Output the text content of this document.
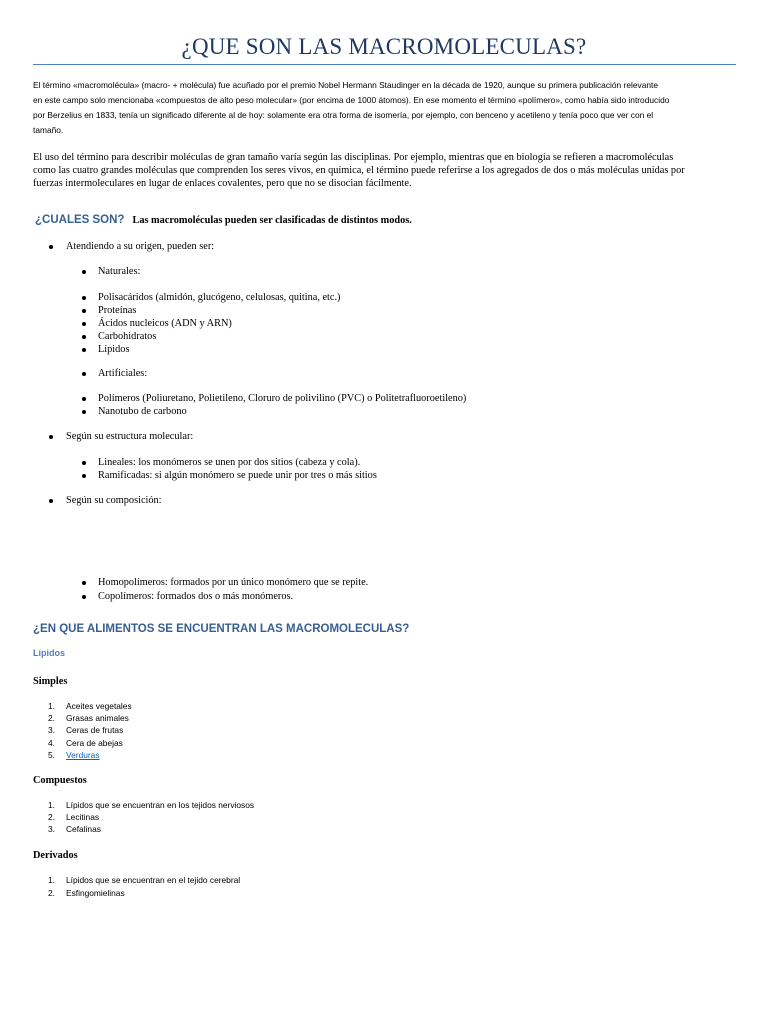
¿QUE SON LAS MACROMOLECULAS?
El término «macromolécula» (macro- + molécula) fue acuñado por el premio Nobel Hermann Staudinger en la década de 1920, aunque su primera publicación relevante
en este campo solo mencionaba «compuestos de alto peso molecular» (por encima de 1000 átomos). En ese momento el término «polímero», como había sido introducido
por Berzelius en 1833, tenía un significado diferente al de hoy: solamente era otra forma de isomería, por ejemplo, con benceno y acetileno y tenía poco que ver con el
tamaño.
El uso del término para describir moléculas de gran tamaño varía según las disciplinas. Por ejemplo, mientras que en biología se refieren a macromoléculas
como las cuatro grandes moléculas que comprenden los seres vivos, en química, el término puede referirse a los agregados de dos o más moléculas unidas por
fuerzas intermoleculares en lugar de enlaces covalentes, pero que no se disocian fácilmente.
¿CUALES SON? Las macromoléculas pueden ser clasificadas de distintos modos.
Atendiendo a su origen, pueden ser:
Naturales:
Polisacáridos (almidón, glucógeno, celulosas, quitina, etc.)
Proteínas
Ácidos nucleicos (ADN y ARN)
Carbohidratos
Lípidos
Artificiales:
Polímeros (Poliuretano, Polietileno, Cloruro de polivilino (PVC) o Politetrafluoroetileno)
Nanotubo de carbono
Según su estructura molecular:
Lineales: los monómeros se unen por dos sitios (cabeza y cola).
Ramificadas: si algún monómero se puede unir por tres o más sitios
Según su composición:
Homopolímeros: formados por un único monómero que se repite.
Copolímeros: formados dos o más monómeros.
¿EN QUE ALIMENTOS SE ENCUENTRAN LAS MACROMOLECULAS?
Lípidos
Simples
1. Aceites vegetales
2. Grasas animales
3. Ceras de frutas
4. Cera de abejas
5. Verduras
Compuestos
1. Lípidos que se encuentran en los tejidos nerviosos
2. Lecitinas
3. Cefalinas
Derivados
1. Lípidos que se encuentran en el tejido cerebral
2. Esfingomielinas
